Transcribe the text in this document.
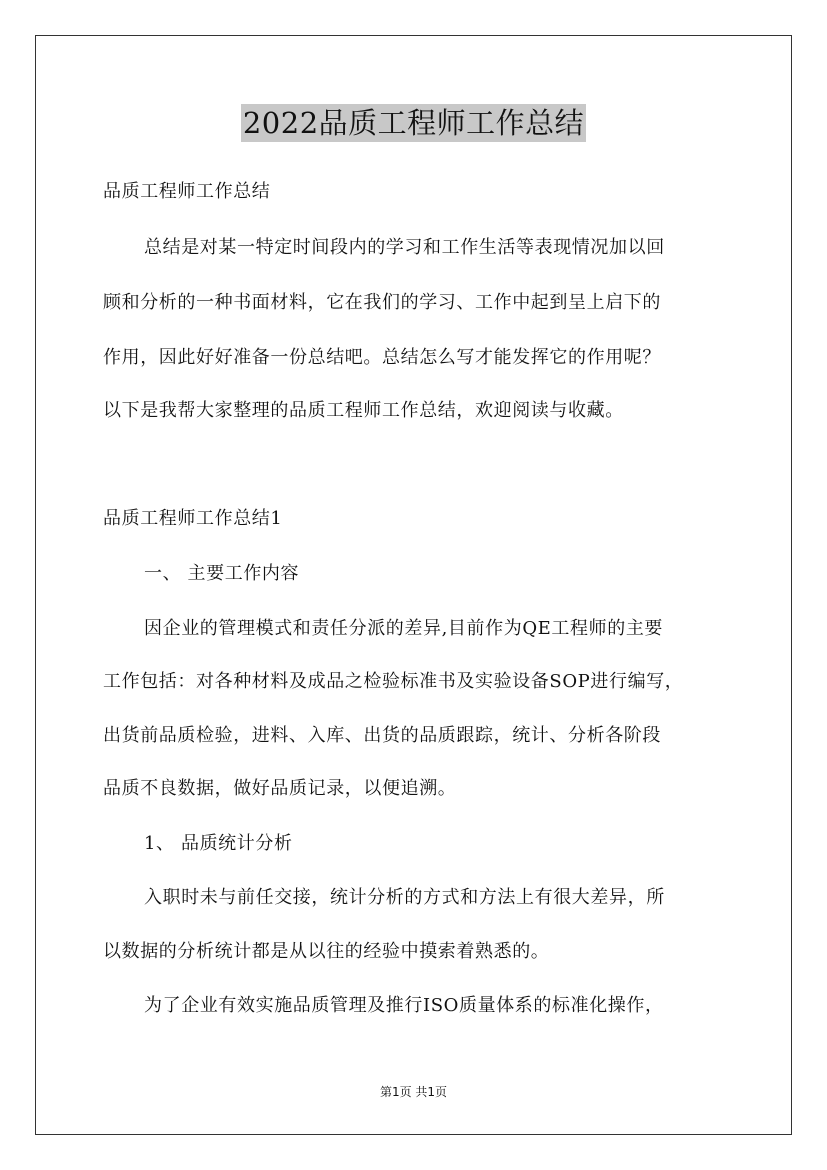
2022品质工程师工作总结
品质工程师工作总结
总结是对某一特定时间段内的学习和工作生活等表现情况加以回
顾和分析的一种书面材料，它在我们的学习、工作中起到呈上启下的
作用，因此好好准备一份总结吧。总结怎么写才能发挥它的作用呢？
以下是我帮大家整理的品质工程师工作总结，欢迎阅读与收藏。
品质工程师工作总结1
一、 主要工作内容
因企业的管理模式和责任分派的差异,目前作为QE工程师的主要
工作包括：对各种材料及成品之检验标准书及实验设备SOP进行编写，
出货前品质检验，进料、入库、出货的品质跟踪，统计、分析各阶段
品质不良数据，做好品质记录，以便追溯。
1、 品质统计分析
入职时未与前任交接，统计分析的方式和方法上有很大差异，所
以数据的分析统计都是从以往的经验中摸索着熟悉的。
为了企业有效实施品质管理及推行ISO质量体系的标准化操作，
第1页 共1页
